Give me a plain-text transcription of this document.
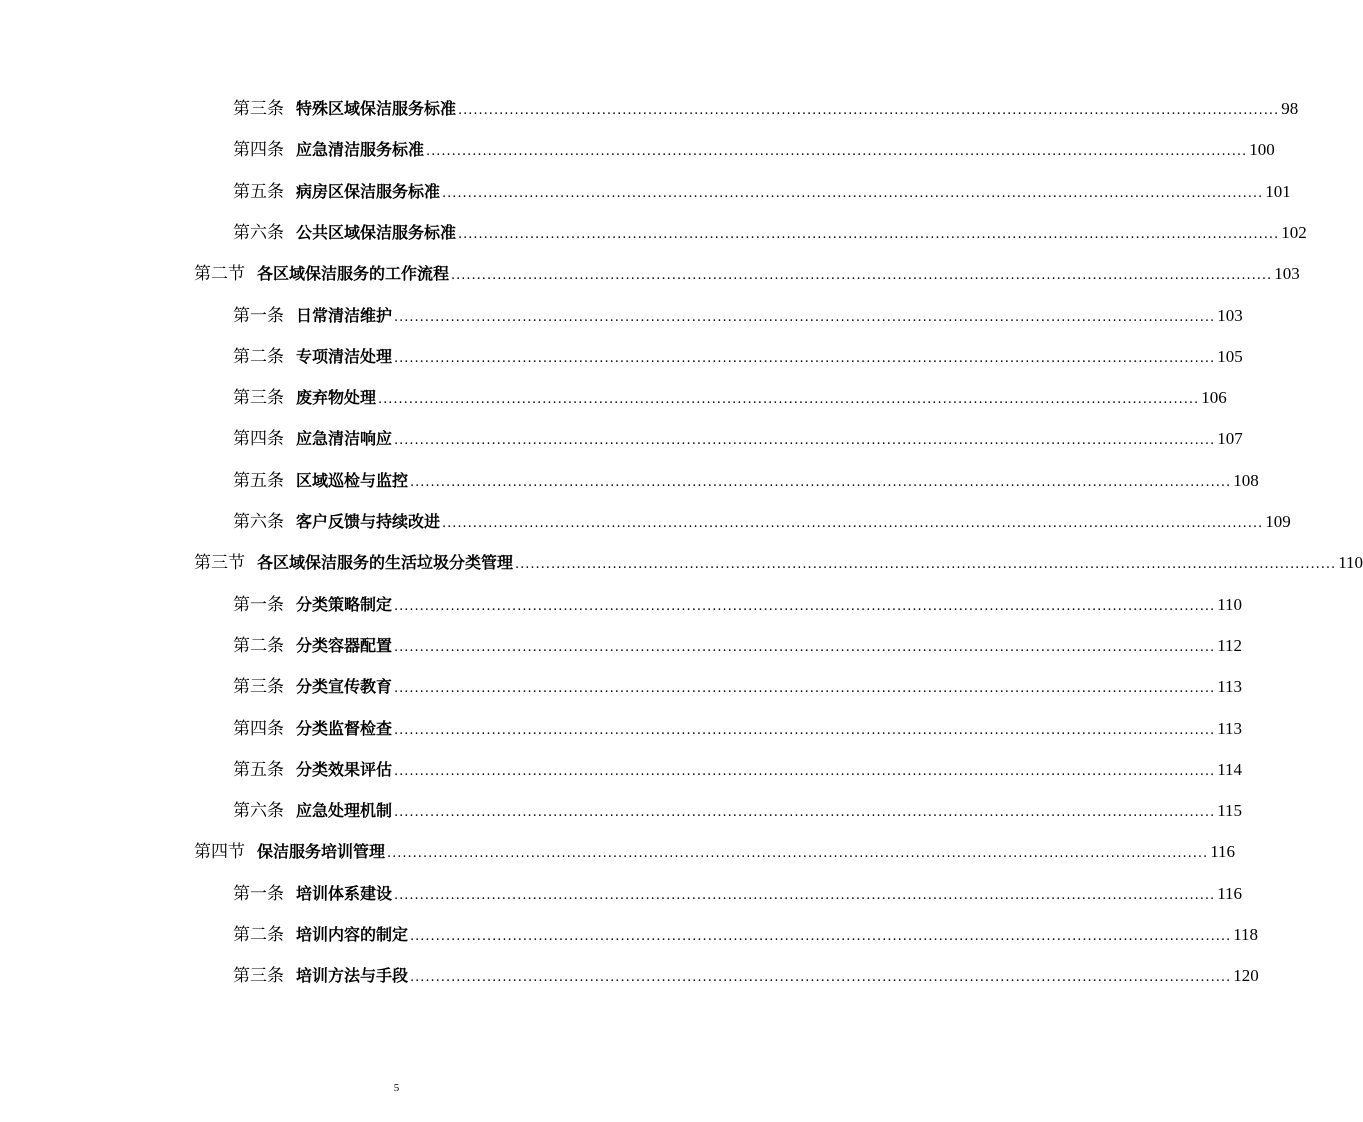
第三条 特殊区域保洁服务标准 ................................................................................................................................................................ 98
第四条 应急清洁服务标准 ................................................................................................................................................................ 100
第五条 病房区保洁服务标准 ................................................................................................................................................................ 101
第六条 公共区域保洁服务标准 ................................................................................................................................................................ 102
第二节 各区域保洁服务的工作流程 ................................................................................................................................................................ 103
第一条 日常清洁维护 ................................................................................................................................................................ 103
第二条 专项清洁处理 ................................................................................................................................................................ 105
第三条 废弃物处理 ................................................................................................................................................................ 106
第四条 应急清洁响应 ................................................................................................................................................................ 107
第五条 区域巡检与监控 ................................................................................................................................................................ 108
第六条 客户反馈与持续改进 ................................................................................................................................................................ 109
第三节 各区域保洁服务的生活垃圾分类管理 ................................................................................................................................................................ 110
第一条 分类策略制定 ................................................................................................................................................................ 110
第二条 分类容器配置 ................................................................................................................................................................ 112
第三条 分类宣传教育 ................................................................................................................................................................ 113
第四条 分类监督检查 ................................................................................................................................................................ 113
第五条 分类效果评估 ................................................................................................................................................................ 114
第六条 应急处理机制 ................................................................................................................................................................ 115
第四节 保洁服务培训管理 ................................................................................................................................................................ 116
第一条 培训体系建设 ................................................................................................................................................................ 116
第二条 培训内容的制定 ................................................................................................................................................................ 118
第三条 培训方法与手段 ................................................................................................................................................................ 120
5
